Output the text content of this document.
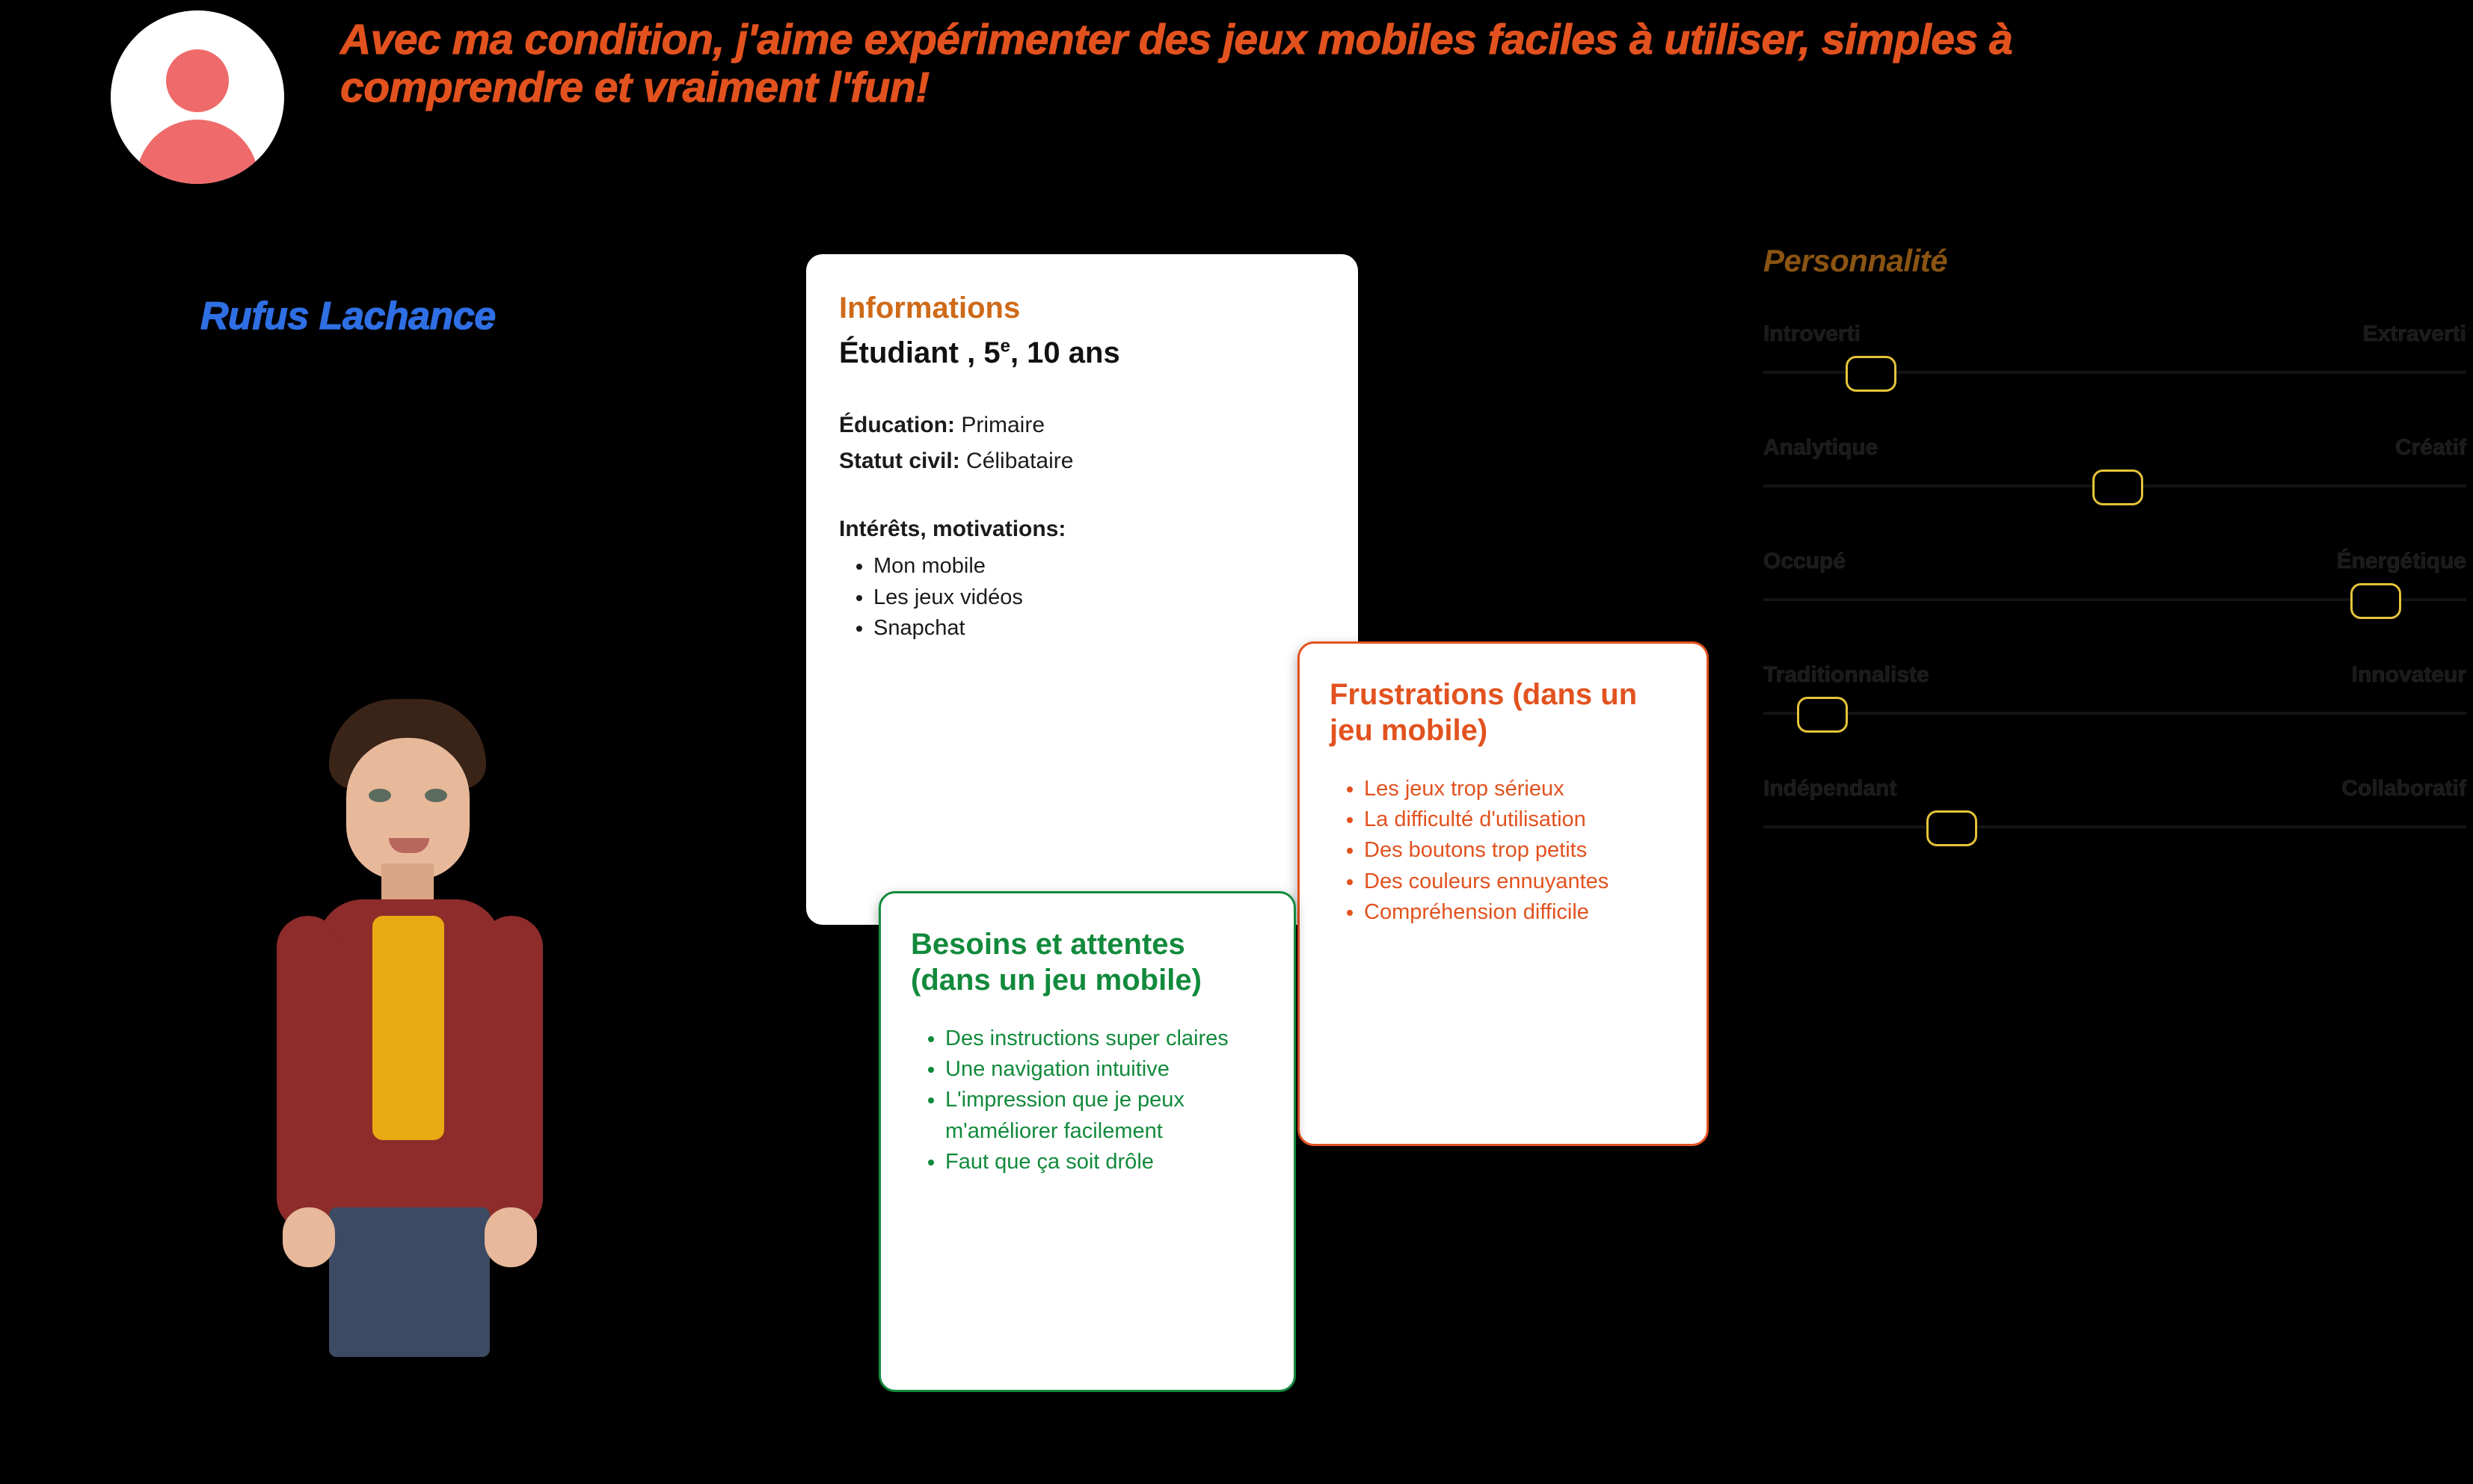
Avec ma condition, j'aime expérimenter des jeux mobiles faciles à utiliser, simples à comprendre et vraiment l'fun!
Rufus Lachance	Informations
Étudiant , 5e, 10 ans
Éducation: Primaire
Statut civil: Célibataire
Intérêts, motivations:
• Mon mobile
• Les jeux vidéos
• Snapchat
Frustrations (dans un jeu mobile)
• Les jeux trop sérieux
• La difficulté d'utilisation
• Des boutons trop petits
• Des couleurs ennuyantes
• Compréhension difficile
Besoins et attentes (dans un jeu mobile)
• Des instructions super claires
• Une navigation intuitive
• L'impression que je peux m'améliorer facilement
• Faut que ça soit drôle
Personnalité
Introverti	Extraverti
Analytique	Créatif
Occupé	Énergétique
Traditionnaliste	Innovateur
Indépendant	Collaboratif
